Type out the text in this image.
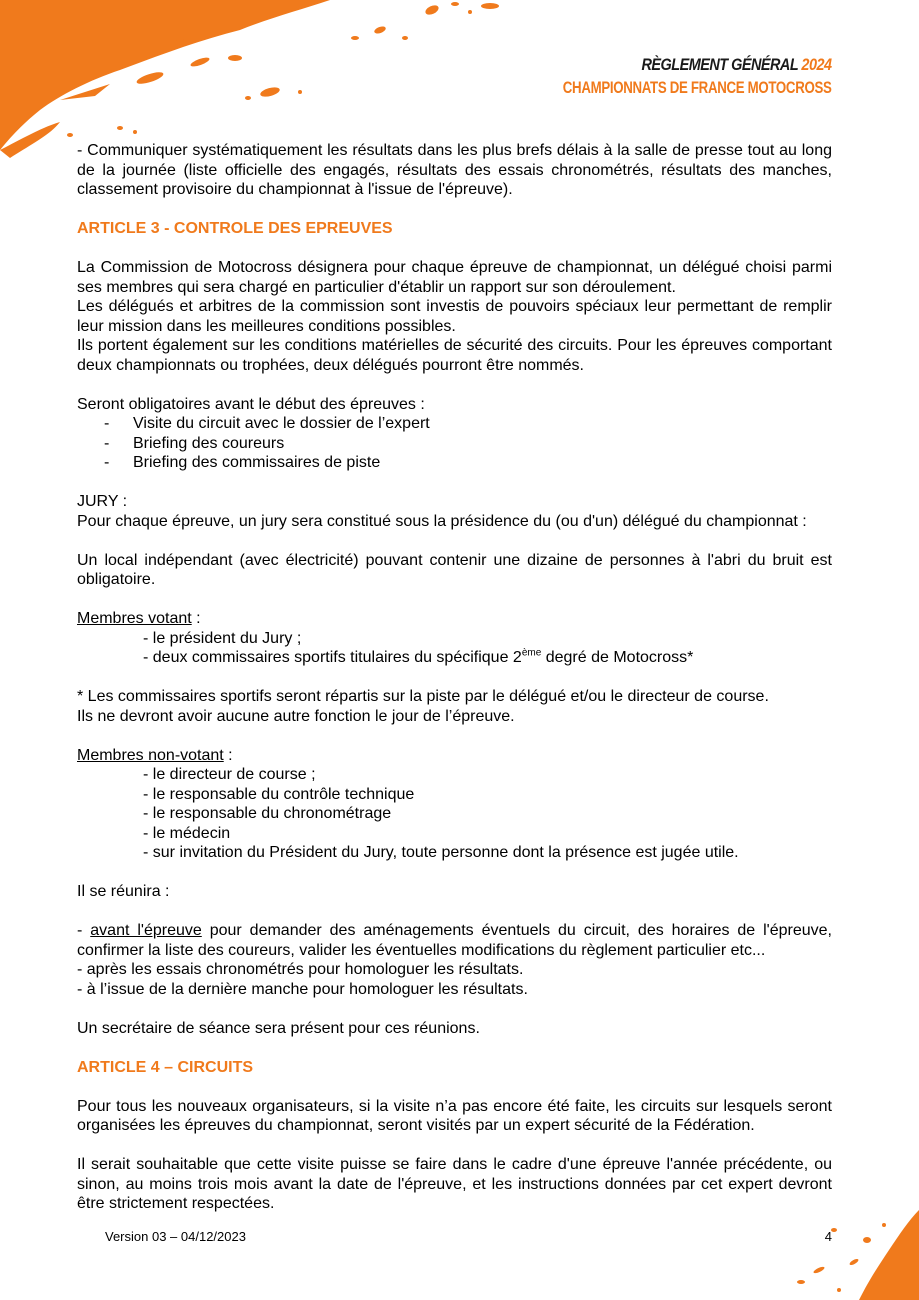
RÈGLEMENT GÉNÉRAL 2024
CHAMPIONNATS DE FRANCE MOTOCROSS

- Communiquer systématiquement les résultats dans les plus brefs délais à la salle de presse tout au long de la journée (liste officielle des engagés, résultats des essais chronométrés, résultats des manches, classement provisoire du championnat à l'issue de l'épreuve).

ARTICLE 3 - CONTROLE DES EPREUVES

La Commission de Motocross désignera pour chaque épreuve de championnat, un délégué choisi parmi ses membres qui sera chargé en particulier d'établir un rapport sur son déroulement.

Les délégués et arbitres de la commission sont investis de pouvoirs spéciaux leur permettant de remplir leur mission dans les meilleures conditions possibles.

Ils portent également sur les conditions matérielles de sécurité des circuits. Pour les épreuves comportant deux championnats ou trophées, deux délégués pourront être nommés.

Seront obligatoires avant le début des épreuves :

- Visite du circuit avec le dossier de l’expert
- Briefing des coureurs
- Briefing des commissaires de piste

JURY :

Pour chaque épreuve, un jury sera constitué sous la présidence du (ou d'un) délégué du championnat :

Un local indépendant (avec électricité) pouvant contenir une dizaine de personnes à l'abri du bruit est obligatoire.

Membres votant :

- le président du Jury ;
- deux commissaires sportifs titulaires du spécifique 2ème degré de Motocross*

* Les commissaires sportifs seront répartis sur la piste par le délégué et/ou le directeur de course.

Ils ne devront avoir aucune autre fonction le jour de l’épreuve.

Membres non-votant :

- le directeur de course ;
- le responsable du contrôle technique
- le responsable du chronométrage
- le médecin
- sur invitation du Président du Jury, toute personne dont la présence est jugée utile.

Il se réunira :

- avant l'épreuve pour demander des aménagements éventuels du circuit, des horaires de l'épreuve, confirmer la liste des coureurs, valider les éventuelles modifications du règlement particulier etc...

- après les essais chronométrés pour homologuer les résultats.

- à l’issue de la dernière manche pour homologuer les résultats.

Un secrétaire de séance sera présent pour ces réunions.

ARTICLE 4 – CIRCUITS

Pour tous les nouveaux organisateurs, si la visite n’a pas encore été faite, les circuits sur lesquels seront organisées les épreuves du championnat, seront visités par un expert sécurité de la Fédération.

Il serait souhaitable que cette visite puisse se faire dans le cadre d'une épreuve l'année précédente, ou sinon, au moins trois mois avant la date de l'épreuve, et les instructions données par cet expert devront être strictement respectées.

Version 03 – 04/12/2023	4
